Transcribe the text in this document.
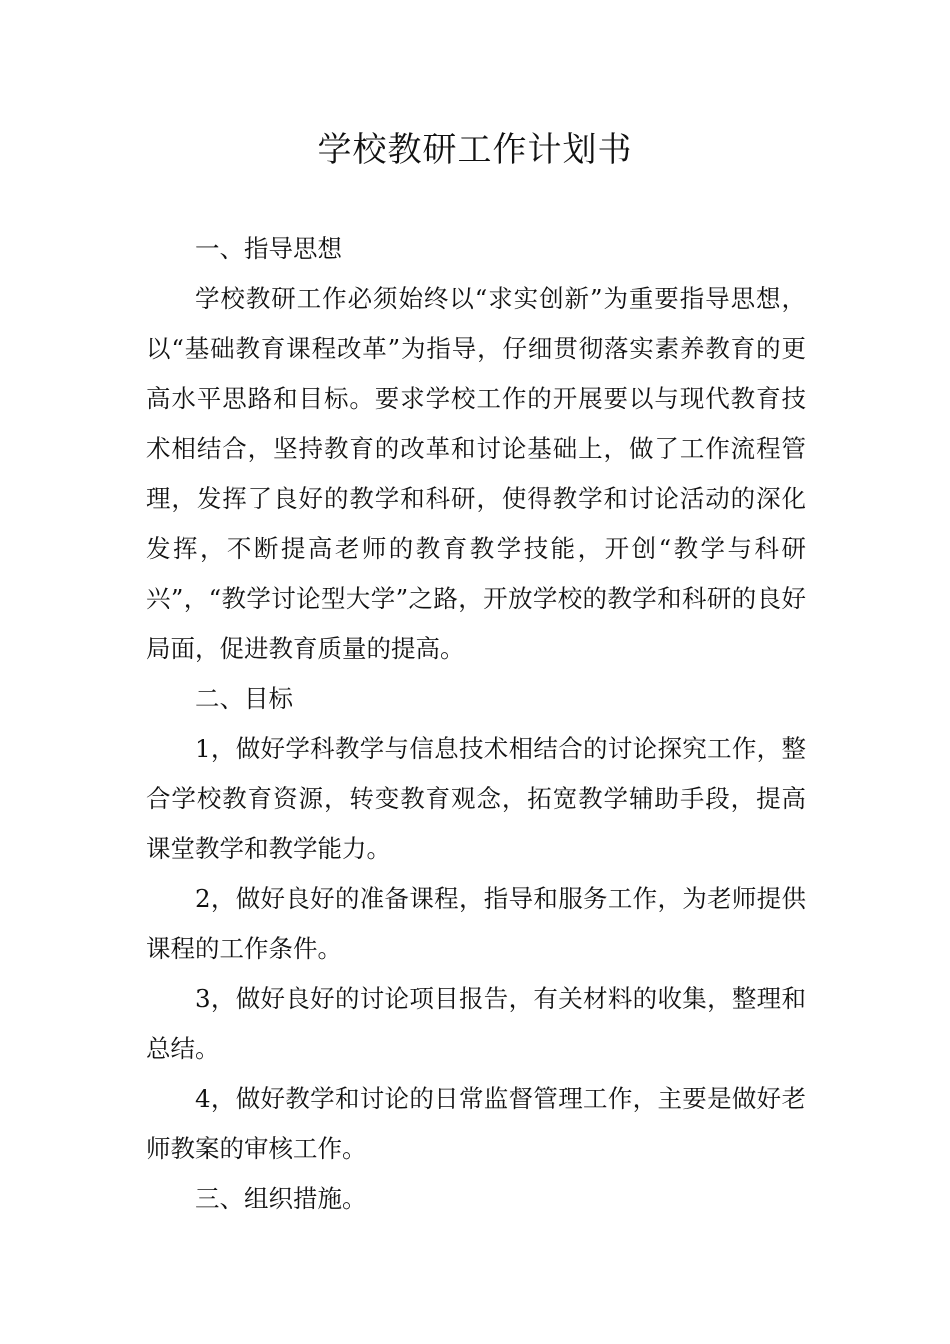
学校教研工作计划书

一、指导思想

学校教研工作必须始终以“求实创新”为重要指导思想，以“基础教育课程改革”为指导，仔细贯彻落实素养教育的更高水平思路和目标。要求学校工作的开展要以与现代教育技术相结合，坚持教育的改革和讨论基础上，做了工作流程管理，发挥了良好的教学和科研，使得教学和讨论活动的深化发挥，不断提高老师的教育教学技能，开创“教学与科研兴”，“教学讨论型大学”之路，开放学校的教学和科研的良好局面，促进教育质量的提高。

二、目标

1，做好学科教学与信息技术相结合的讨论探究工作，整合学校教育资源，转变教育观念，拓宽教学辅助手段，提高课堂教学和教学能力。

2，做好良好的准备课程，指导和服务工作，为老师提供课程的工作条件。

3，做好良好的讨论项目报告，有关材料的收集，整理和总结。

4，做好教学和讨论的日常监督管理工作，主要是做好老师教案的审核工作。

三、组织措施。
